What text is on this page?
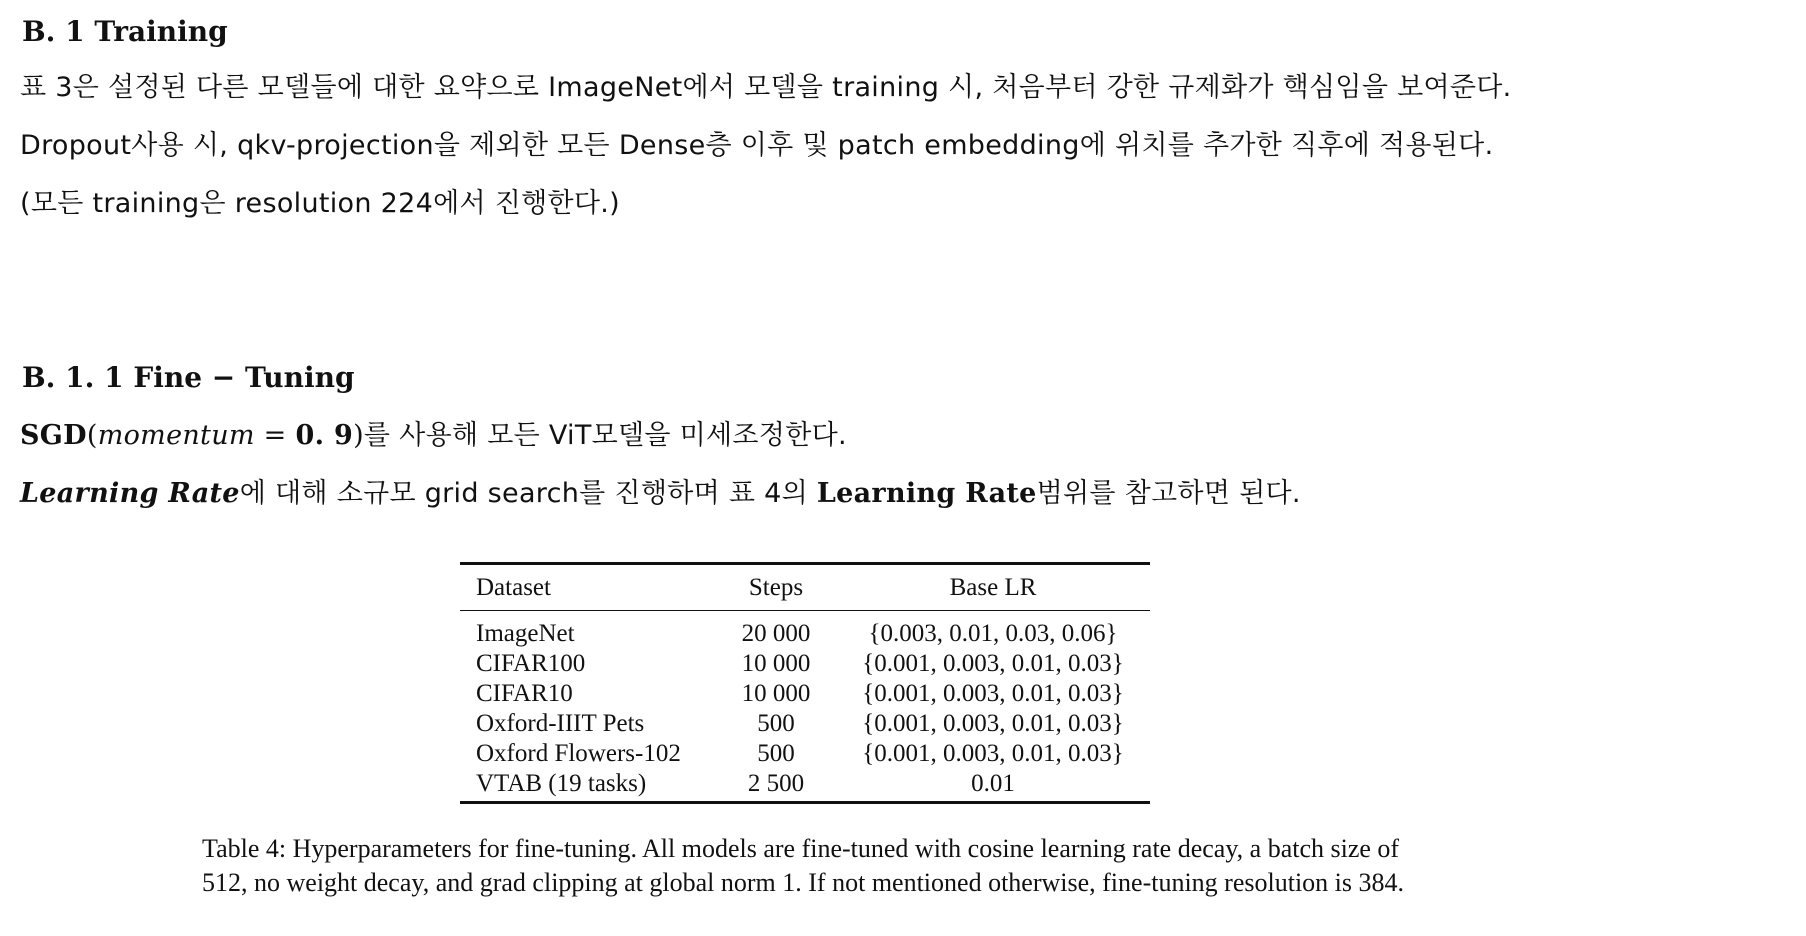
B. 1 Training

표 3은 설정된 다른 모델들에 대한 요약으로 ImageNet에서 모델을 training 시, 처음부터 강한 규제화가 핵심임을 보여준다.

Dropout사용 시, qkv-projection을 제외한 모든 Dense층 이후 및 patch embedding에 위치를 추가한 직후에 적용된다.

(모든 training은 resolution 224에서 진행한다.)

B. 1. 1 Fine − Tuning

SGD(momentum = 0. 9)를 사용해 모든 ViT모델을 미세조정한다.

Learning Rate에 대해 소규모 grid search를 진행하며 표 4의 Learning Rate범위를 참고하면 된다.

Dataset	Steps	Base LR
ImageNet	20 000	{0.003, 0.01, 0.03, 0.06}
CIFAR100	10 000	{0.001, 0.003, 0.01, 0.03}
CIFAR10	10 000	{0.001, 0.003, 0.01, 0.03}
Oxford-IIIT Pets	500	{0.001, 0.003, 0.01, 0.03}
Oxford Flowers-102	500	{0.001, 0.003, 0.01, 0.03}
VTAB (19 tasks)	2 500	0.01

Table 4: Hyperparameters for fine-tuning. All models are fine-tuned with cosine learning rate decay, a batch size of 512, no weight decay, and grad clipping at global norm 1. If not mentioned otherwise, fine-tuning resolution is 384.
